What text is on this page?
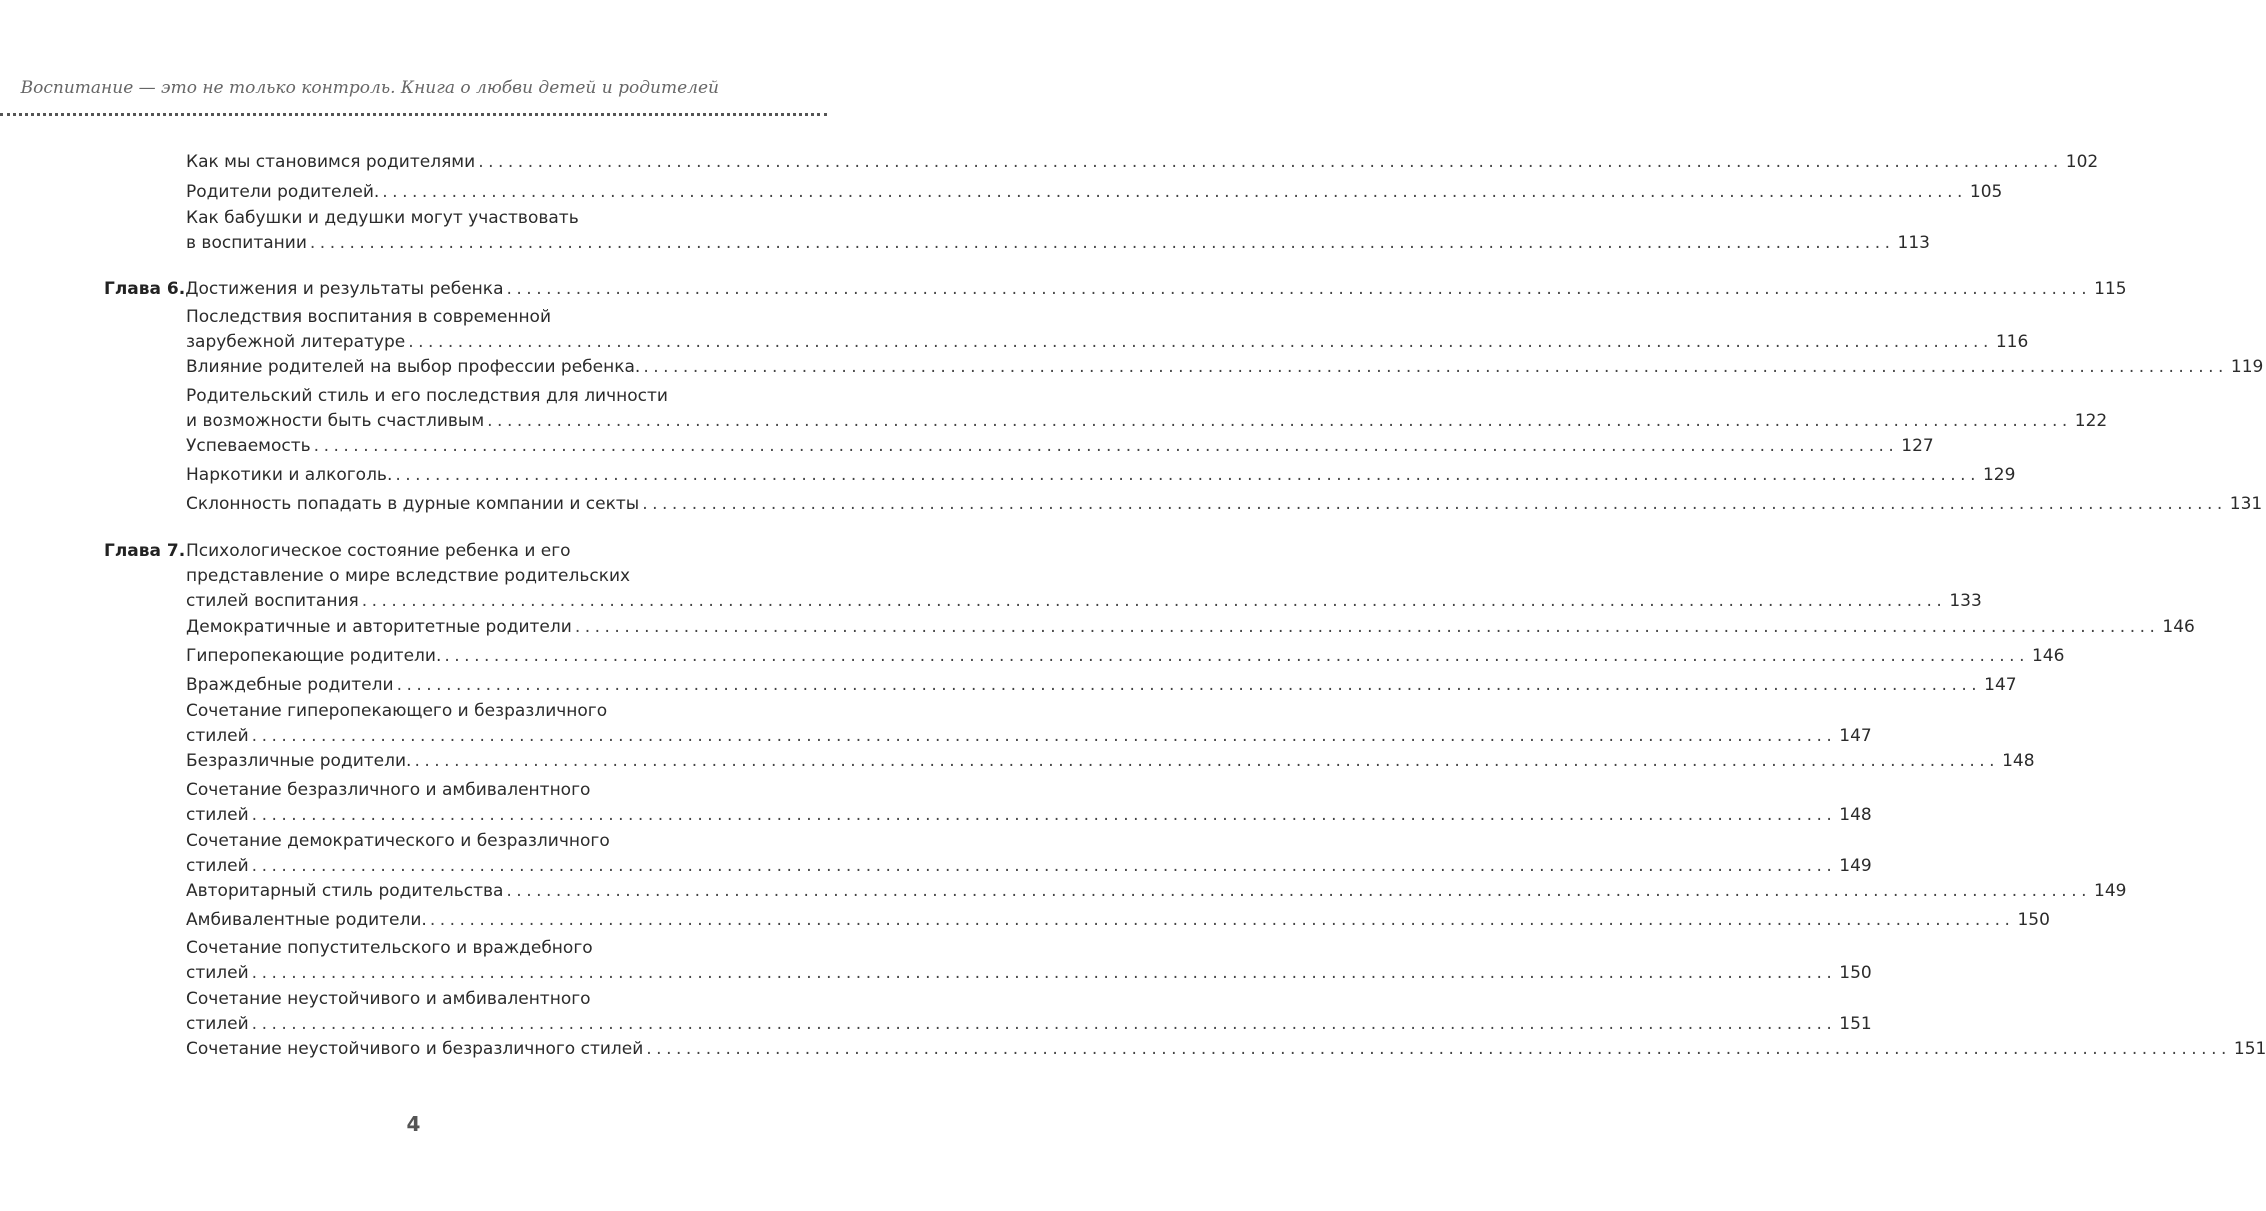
Воспитание — это не только контроль. Книга о любви детей и родителей
Как мы становимся родителями ................................................................................................................................................................ 102
Родители родителей. ................................................................................................................................................................ 105
Как бабушки и дедушки могут участвовать
в воспитании ................................................................................................................................................................ 113
Глава 6. Достижения и результаты ребенка ................................................................................................................................................................ 115
Последствия воспитания в современной
зарубежной литературе ................................................................................................................................................................ 116
Влияние родителей на выбор профессии ребенка. ................................................................................................................................................................ 119
Родительский стиль и его последствия для личности
и возможности быть счастливым ................................................................................................................................................................ 122
Успеваемость ................................................................................................................................................................ 127
Наркотики и алкоголь. ................................................................................................................................................................ 129
Склонность попадать в дурные компании и секты ................................................................................................................................................................ 131
Глава 7.Психологическое состояние ребенка и его
представление о мире вследствие родительских
стилей воспитания ................................................................................................................................................................ 133
Демократичные и авторитетные родители ................................................................................................................................................................ 146
Гиперопекающие родители. ................................................................................................................................................................ 146
Враждебные родители ................................................................................................................................................................ 147
Сочетание гиперопекающего и безразличного
стилей ................................................................................................................................................................ 147
Безразличные родители. ................................................................................................................................................................ 148
Сочетание безразличного и амбивалентного
стилей ................................................................................................................................................................ 148
Сочетание демократического и безразличного
стилей ................................................................................................................................................................ 149
Авторитарный стиль родительства ................................................................................................................................................................ 149
Амбивалентные родители. ................................................................................................................................................................ 150
Сочетание попустительского и враждебного
стилей ................................................................................................................................................................ 150
Сочетание неустойчивого и амбивалентного
стилей ................................................................................................................................................................ 151
Сочетание неустойчивого и безразличного стилей ................................................................................................................................................................ 151
4
